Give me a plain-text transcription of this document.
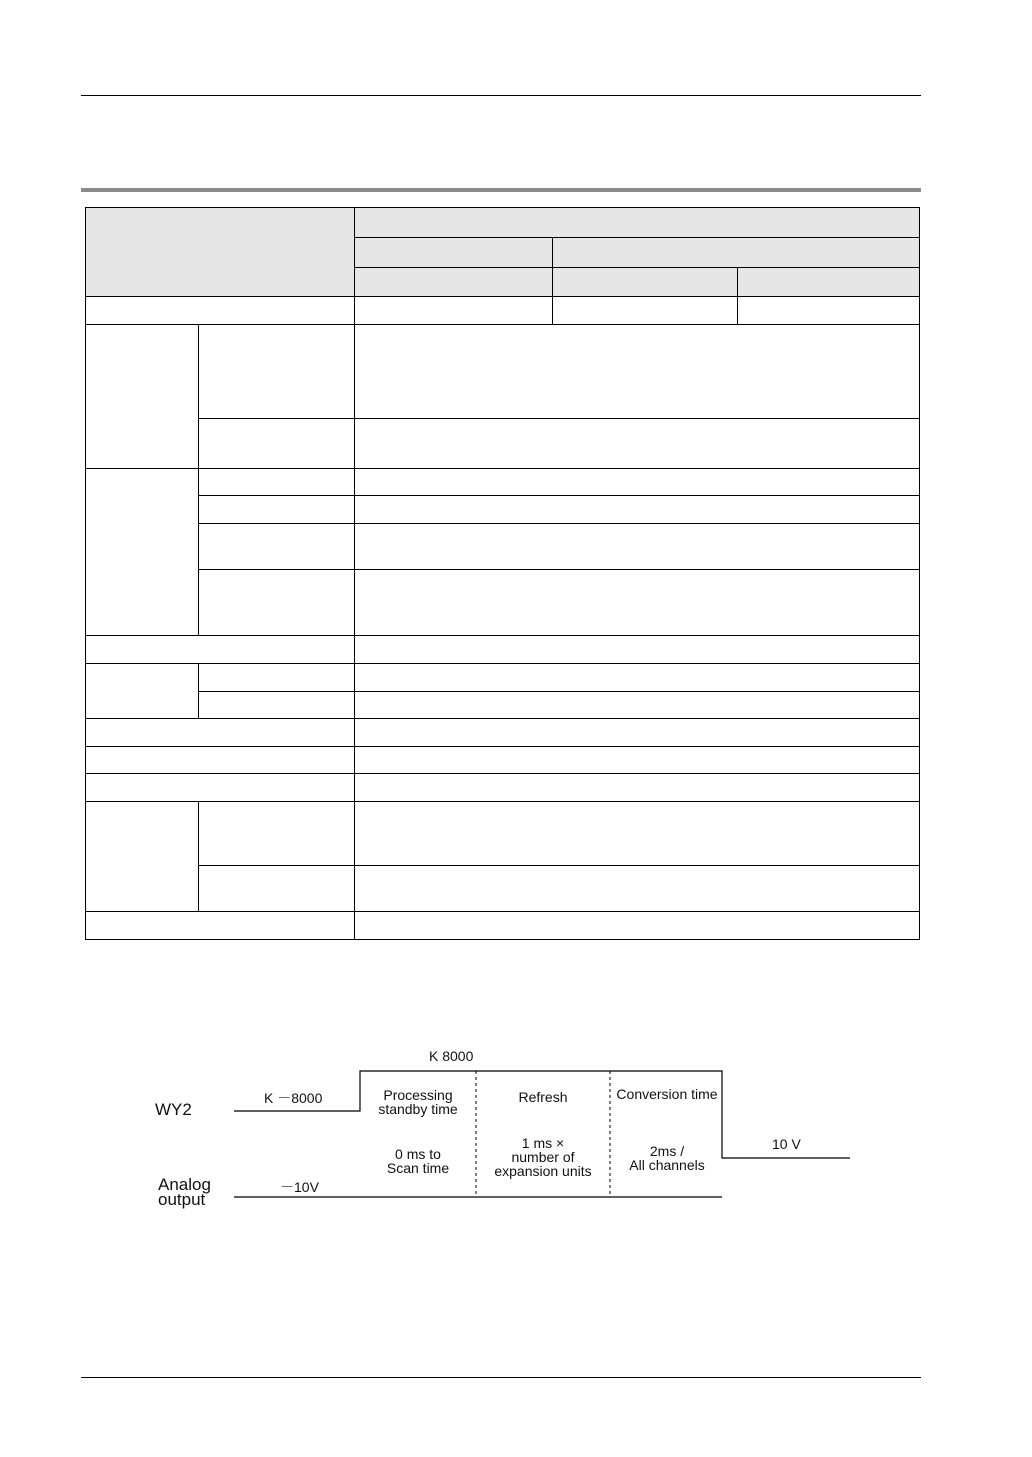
K 8000
WY2
K －8000
Analog
output
－10V
10 V
Processing
standby time
0 ms to
Scan time
Refresh
1 ms ×
number of
expansion units
Conversion time
2ms /
All channels
